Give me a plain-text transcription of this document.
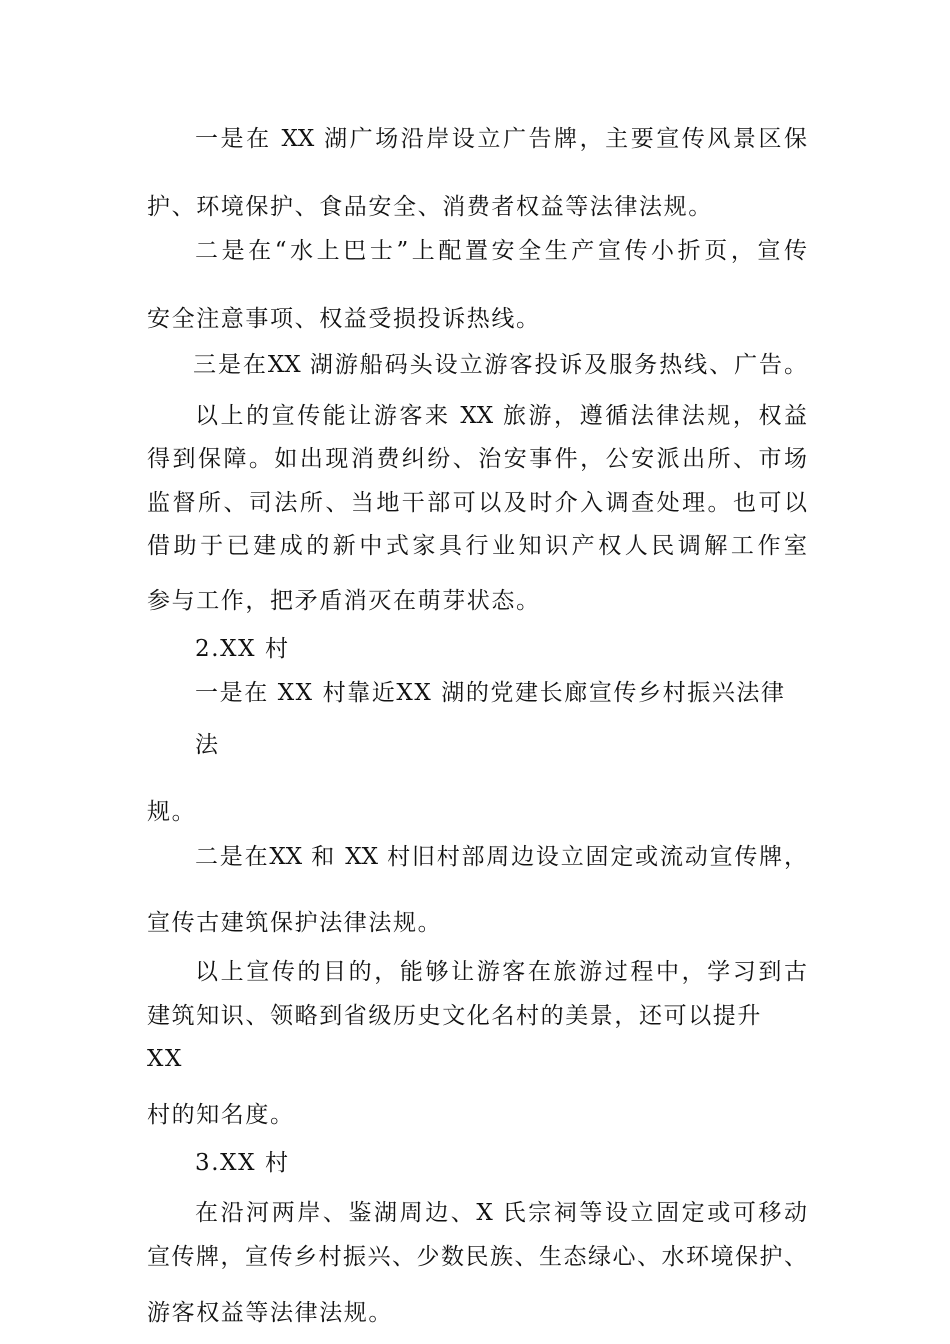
一是在 XX 湖广场沿岸设立广告牌，主要宣传风景区保
护、环境保护、食品安全、消费者权益等法律法规。
二是在“水上巴士”上配置安全生产宣传小折页，宣传
安全注意事项、权益受损投诉热线。
三是在XX 湖游船码头设立游客投诉及服务热线、广告。
以上的宣传能让游客来 XX 旅游，遵循法律法规，权益
得到保障。如出现消费纠纷、治安事件，公安派出所、市场
监督所、司法所、当地干部可以及时介入调查处理。也可以
借助于已建成的新中式家具行业知识产权人民调解工作室
参与工作，把矛盾消灭在萌芽状态。
2.XX 村
一是在 XX 村靠近XX 湖的党建长廊宣传乡村振兴法律
法
规。
二是在XX 和 XX 村旧村部周边设立固定或流动宣传牌，
宣传古建筑保护法律法规。
以上宣传的目的，能够让游客在旅游过程中，学习到古
建筑知识、领略到省级历史文化名村的美景，还可以提升
XX
村的知名度。
3.XX 村
在沿河两岸、鉴湖周边、X 氏宗祠等设立固定或可移动
宣传牌，宣传乡村振兴、少数民族、生态绿心、水环境保护、
游客权益等法律法规。
